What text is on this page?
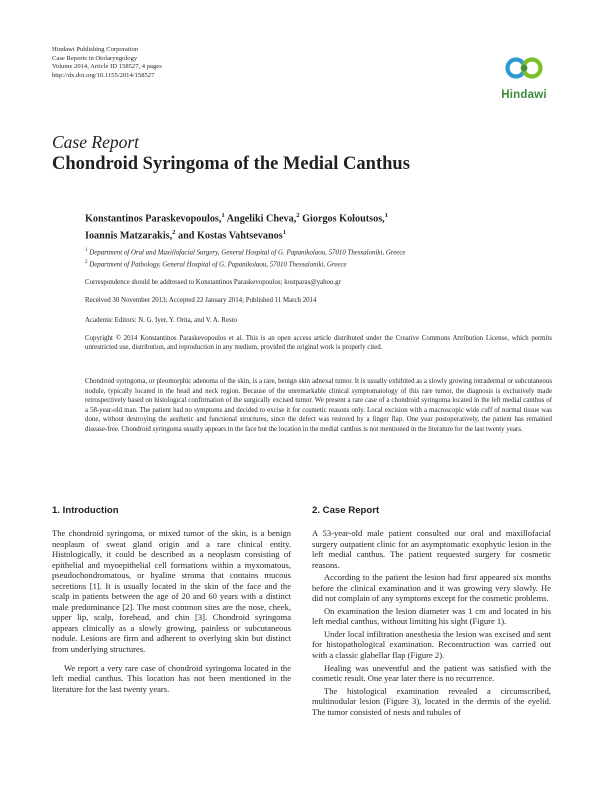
Hindawi Publishing Corporation
Case Reports in Otolaryngology
Volume 2014, Article ID 158527, 4 pages
http://dx.doi.org/10.1155/2014/158527
Hindawi
Case Report
Chondroid Syringoma of the Medial Canthus
Konstantinos Paraskevopoulos,$^1$ Angeliki Cheva,$^2$ Giorgos Koloutsos,$^1$
Ioannis Matzarakis,$^2$ and Kostas Vahtsevanos$^1$
$^1$ Department of Oral and Maxillofacial Surgery, General Hospital of G. Papanikolaou, 57010 Thessaloniki, Greece
$^2$ Department of Pathology, General Hospital of G. Papanikolaou, 57010 Thessaloniki, Greece
Correspondence should be addressed to Konstantinos Paraskevopoulos; kostparas@yahoo.gr
Received 30 November 2013; Accepted 22 January 2014; Published 11 March 2014
Academic Editors: N. G. Iyer, Y. Orita, and V. A. Resto
Copyright © 2014 Konstantinos Paraskevopoulos et al. This is an open access article distributed under the Creative Commons Attribution License, which permits unrestricted use, distribution, and reproduction in any medium, provided the original work is properly cited.
Chondroid syringoma, or pleomorphic adenoma of the skin, is a rare, benign skin adnexal tumor. It is usually exhibited as a slowly growing intradermal or subcutaneous nodule, typically located in the head and neck region. Because of the unremarkable clinical symptomatology of this rare tumor, the diagnosis is exclusively made retrospectively based on histological confirmation of the surgically excised tumor. We present a rare case of a chondroid syringoma located in the left medial canthus of a 58-year-old man. The patient had no symptoms and decided to excise it for cosmetic reasons only. Local excision with a macroscopic wide cuff of normal tissue was done, without destroying the aesthetic and functional structures, since the defect was restored by a finger flap. One year postoperatively, the patient has remained disease-free. Chondroid syringoma usually appears in the face but the location in the medial canthus is not mentioned in the literature for the last twenty years.
1. Introduction
The chondroid syringoma, or mixed tumor of the skin, is a benign neoplasm of sweat gland origin and a rare clinical entity. Histologically, it could be described as a neoplasm consisting of epithelial and myoepithelial cell formations within a myxomatous, pseudochondromatous, or hyaline stroma that contains mucous secretions [1]. It is usually located in the skin of the face and the scalp in patients between the age of 20 and 60 years with a distinct male predominance [2]. The most common sites are the nose, cheek, upper lip, scalp, forehead, and chin [3]. Chondroid syringoma appears clinically as a slowly growing, painless or subcutaneous nodule. Lesions are firm and adherent to overlying skin but distinct from underlying structures.
We report a very rare case of chondroid syringoma located in the left medial canthus. This location has not been mentioned in the literature for the last twenty years.
2. Case Report
A 53-year-old male patient consulted our oral and maxillofacial surgery outpatient clinic for an asymptomatic exophytic lesion in the left medial canthus. The patient requested surgery for cosmetic reasons.
According to the patient the lesion had first appeared six months before the clinical examination and it was growing very slowly. He did not complain of any symptoms except for the cosmetic problems.
On examination the lesion diameter was 1 cm and located in his left medial canthus, without limiting his sight (Figure 1).
Under local infiltration anesthesia the lesion was excised and sent for histopathological examination. Reconstruction was carried out with a classic glabellar flap (Figure 2).
Healing was uneventful and the patient was satisfied with the cosmetic result. One year later there is no recurrence.
The histological examination revealed a circumscribed, multinodular lesion (Figure 3), located in the dermis of the eyelid. The tumor consisted of nests and tubules of
